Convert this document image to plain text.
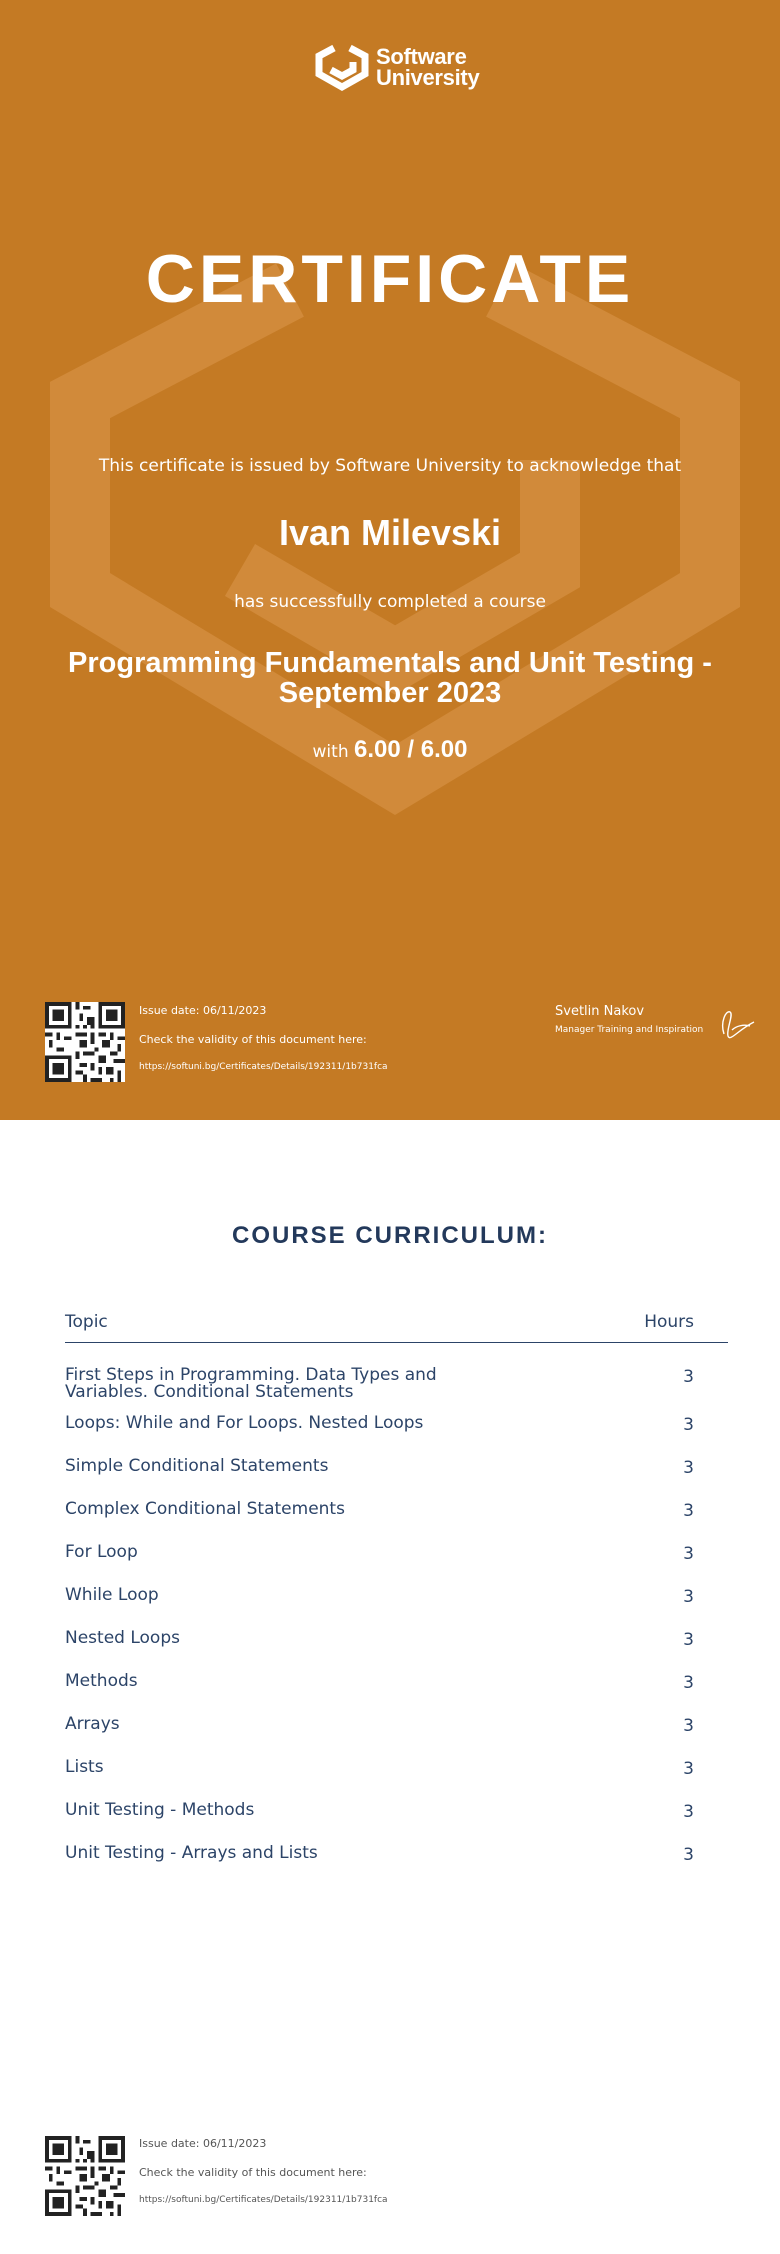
Software
University
CERTIFICATE
This certificate is issued by Software University to acknowledge that
Ivan Milevski
has successfully completed a course
Programming Fundamentals and Unit Testing - September 2023
with 6.00 / 6.00
Issue date: 06/11/2023
Check the validity of this document here:
https://softuni.bg/Certificates/Details/192311/1b731fca
Svetlin Nakov
Manager Training and Inspiration
COURSE CURRICULUM:
Topic	Hours
First Steps in Programming. Data Types and Variables. Conditional Statements	3
Loops: While and For Loops. Nested Loops	3
Simple Conditional Statements	3
Complex Conditional Statements	3
For Loop	3
While Loop	3
Nested Loops	3
Methods	3
Arrays	3
Lists	3
Unit Testing - Methods	3
Unit Testing - Arrays and Lists	3
Issue date: 06/11/2023
Check the validity of this document here:
https://softuni.bg/Certificates/Details/192311/1b731fca
